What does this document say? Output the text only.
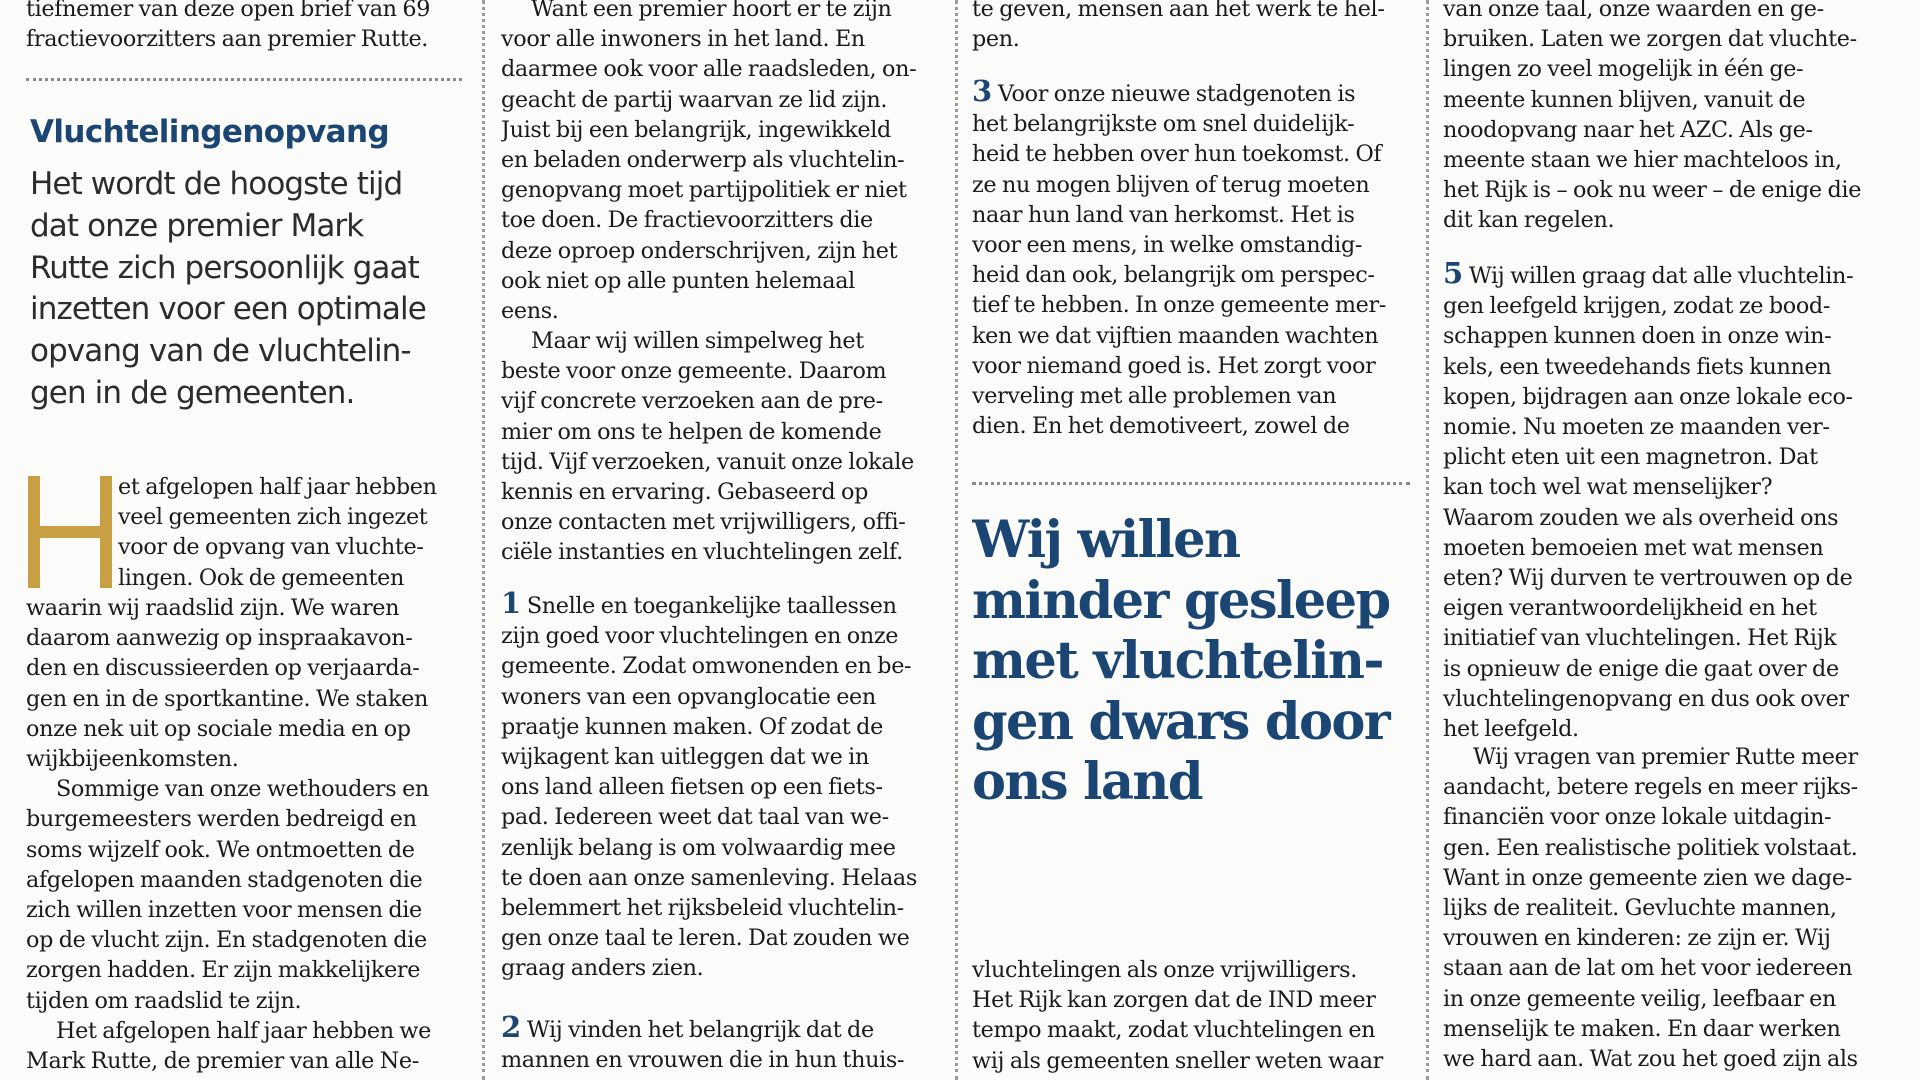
tiefnemer van deze open brief van 69
fractievoorzitters aan premier Rutte.
Vluchtelingenopvang
Het wordt de hoogste tijd
dat onze premier Mark
Rutte zich persoonlijk gaat
inzetten voor een optimale
opvang van de vluchtelin-
gen in de gemeenten.
et afgelopen half jaar hebben
veel gemeenten zich ingezet
voor de opvang van vluchte-
lingen. Ook de gemeenten
waarin wij raadslid zijn. We waren
daarom aanwezig op inspraakavon-
den en discussieerden op verjaarda-
gen en in de sportkantine. We staken
onze nek uit op sociale media en op
wijkbijeenkomsten.
Sommige van onze wethouders en
burgemeesters werden bedreigd en
soms wijzelf ook. We ontmoetten de
afgelopen maanden stadgenoten die
zich willen inzetten voor mensen die
op de vlucht zijn. En stadgenoten die
zorgen hadden. Er zijn makkelijkere
tijden om raadslid te zijn.
Het afgelopen half jaar hebben we
Mark Rutte, de premier van alle Ne-
Want een premier hoort er te zijn
voor alle inwoners in het land. En
daarmee ook voor alle raadsleden, on-
geacht de partij waarvan ze lid zijn.
Juist bij een belangrijk, ingewikkeld
en beladen onderwerp als vluchtelin-
genopvang moet partijpolitiek er niet
toe doen. De fractievoorzitters die
deze oproep onderschrijven, zijn het
ook niet op alle punten helemaal
eens.
Maar wij willen simpelweg het
beste voor onze gemeente. Daarom
vijf concrete verzoeken aan de pre-
mier om ons te helpen de komende
tijd. Vijf verzoeken, vanuit onze lokale
kennis en ervaring. Gebaseerd op
onze contacten met vrijwilligers, offi-
ciële instanties en vluchtelingen zelf.
1 Snelle en toegankelijke taallessen
zijn goed voor vluchtelingen en onze
gemeente. Zodat omwonenden en be-
woners van een opvanglocatie een
praatje kunnen maken. Of zodat de
wijkagent kan uitleggen dat we in
ons land alleen fietsen op een fiets-
pad. Iedereen weet dat taal van we-
zenlijk belang is om volwaardig mee
te doen aan onze samenleving. Helaas
belemmert het rijksbeleid vluchtelin-
gen onze taal te leren. Dat zouden we
graag anders zien.
2 Wij vinden het belangrijk dat de
mannen en vrouwen die in hun thuis-
te geven, mensen aan het werk te hel-
pen.
3 Voor onze nieuwe stadgenoten is
het belangrijkste om snel duidelijk-
heid te hebben over hun toekomst. Of
ze nu mogen blijven of terug moeten
naar hun land van herkomst. Het is
voor een mens, in welke omstandig-
heid dan ook, belangrijk om perspec-
tief te hebben. In onze gemeente mer-
ken we dat vijftien maanden wachten
voor niemand goed is. Het zorgt voor
verveling met alle problemen van
dien. En het demotiveert, zowel de
Wij willen
minder gesleep
met vluchtelin-
gen dwars door
ons land
vluchtelingen als onze vrijwilligers.
Het Rijk kan zorgen dat de IND meer
tempo maakt, zodat vluchtelingen en
wij als gemeenten sneller weten waar
van onze taal, onze waarden en ge-
bruiken. Laten we zorgen dat vluchte-
lingen zo veel mogelijk in één ge-
meente kunnen blijven, vanuit de
noodopvang naar het AZC. Als ge-
meente staan we hier machteloos in,
het Rijk is – ook nu weer – de enige die
dit kan regelen.
5 Wij willen graag dat alle vluchtelin-
gen leefgeld krijgen, zodat ze bood-
schappen kunnen doen in onze win-
kels, een tweedehands fiets kunnen
kopen, bijdragen aan onze lokale eco-
nomie. Nu moeten ze maanden ver-
plicht eten uit een magnetron. Dat
kan toch wel wat menselijker?
Waarom zouden we als overheid ons
moeten bemoeien met wat mensen
eten? Wij durven te vertrouwen op de
eigen verantwoordelijkheid en het
initiatief van vluchtelingen. Het Rijk
is opnieuw de enige die gaat over de
vluchtelingenopvang en dus ook over
het leefgeld.
Wij vragen van premier Rutte meer
aandacht, betere regels en meer rijks-
financiën voor onze lokale uitdagin-
gen. Een realistische politiek volstaat.
Want in onze gemeente zien we dage-
lijks de realiteit. Gevluchte mannen,
vrouwen en kinderen: ze zijn er. Wij
staan aan de lat om het voor iedereen
in onze gemeente veilig, leefbaar en
menselijk te maken. En daar werken
we hard aan. Wat zou het goed zijn als
